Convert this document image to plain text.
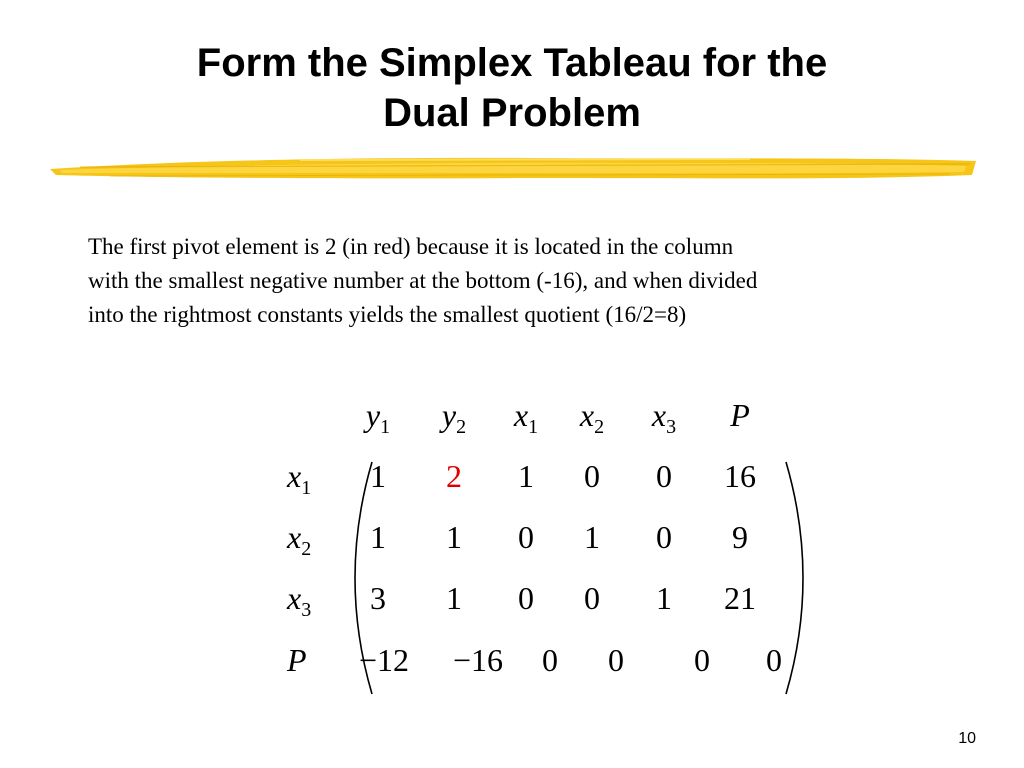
Form the Simplex Tableau for the
Dual Problem
The first pivot element is 2 (in red) because it is located in the column
with the smallest negative number at the bottom (-16), and when divided
into the rightmost constants yields the smallest quotient (16/2=8)
$y_1$ $y_2$ $x_1$ $x_2$ $x_3$ P
$x_1$ 1 2 1 0 0 16
$x_2$ 1 1 0 1 0 9
$x_3$ 3 1 0 0 1 21
P −12 −16 0 0 0 0
10
